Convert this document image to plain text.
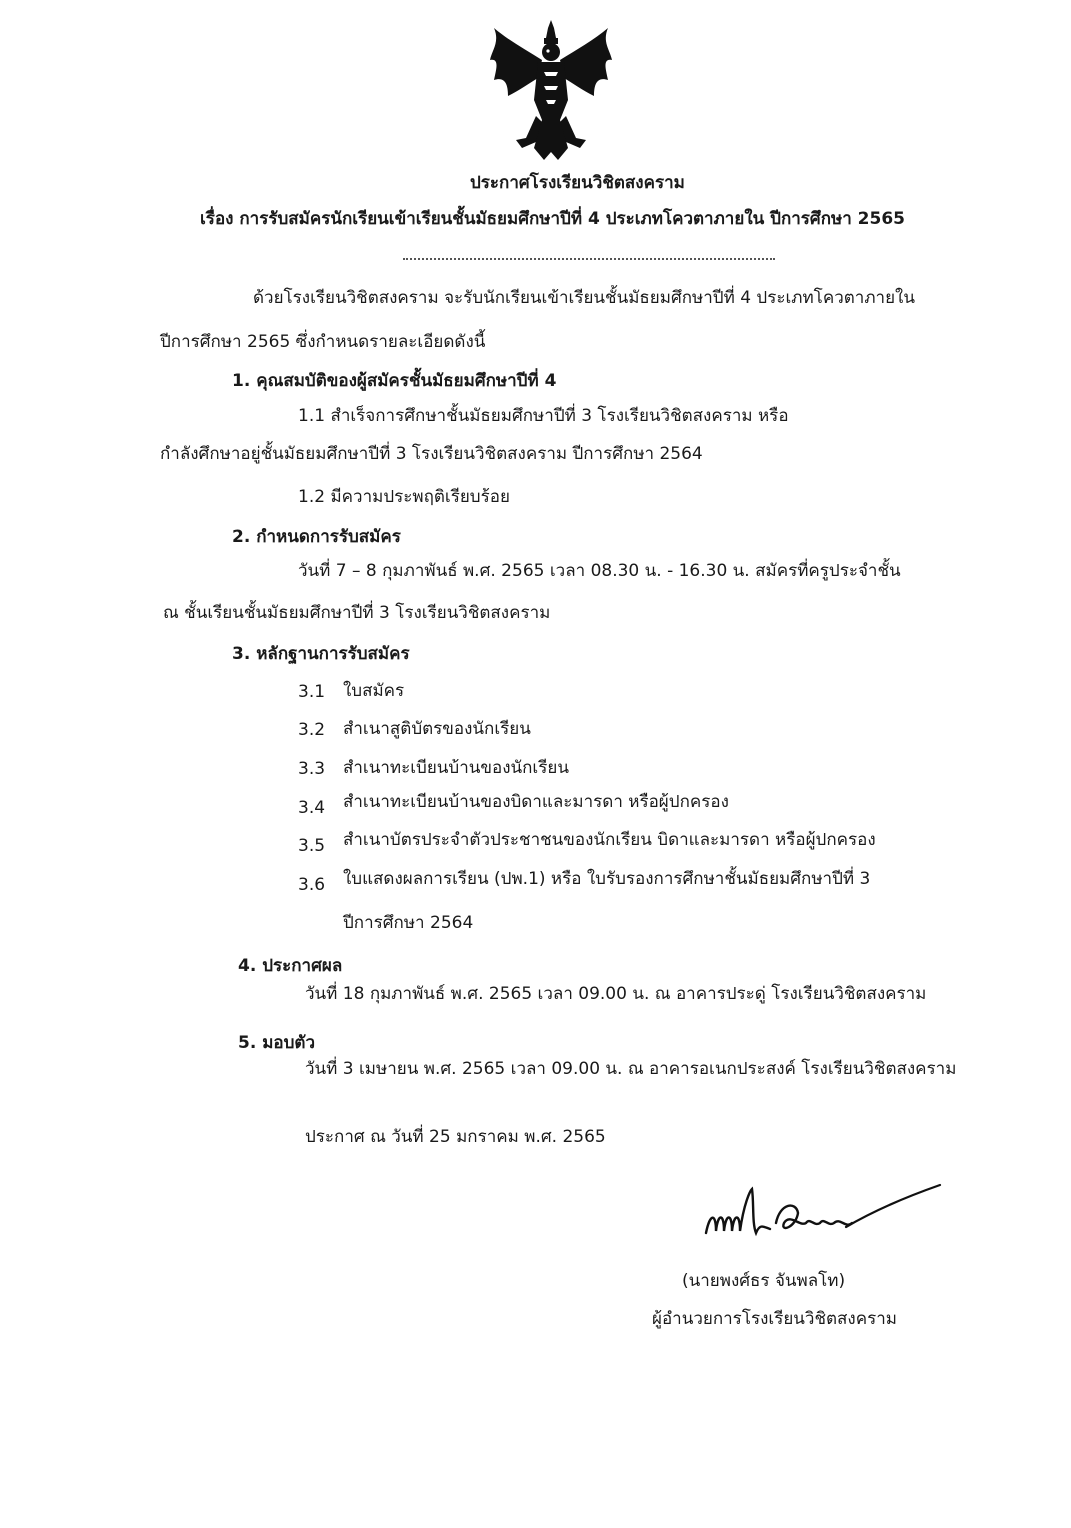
ประกาศโรงเรียนวิชิตสงคราม
เรื่อง การรับสมัครนักเรียนเข้าเรียนชั้นมัธยมศึกษาปีที่ 4 ประเภทโควตาภายใน ปีการศึกษา 2565
ด้วยโรงเรียนวิชิตสงคราม จะรับนักเรียนเข้าเรียนชั้นมัธยมศึกษาปีที่ 4 ประเภทโควตาภายใน
ปีการศึกษา 2565 ซึ่งกำหนดรายละเอียดดังนี้
1. คุณสมบัติของผู้สมัครชั้นมัธยมศึกษาปีที่ 4
1.1 สำเร็จการศึกษาชั้นมัธยมศึกษาปีที่ 3 โรงเรียนวิชิตสงคราม หรือ
กำลังศึกษาอยู่ชั้นมัธยมศึกษาปีที่ 3 โรงเรียนวิชิตสงคราม ปีการศึกษา 2564
1.2 มีความประพฤติเรียบร้อย
2. กำหนดการรับสมัคร
วันที่ 7 – 8 กุมภาพันธ์ พ.ศ. 2565 เวลา 08.30 น. - 16.30 น. สมัครที่ครูประจำชั้น
ณ ชั้นเรียนชั้นมัธยมศึกษาปีที่ 3 โรงเรียนวิชิตสงคราม
3. หลักฐานการรับสมัคร
3.1 ใบสมัคร
3.2 สำเนาสูติบัตรของนักเรียน
3.3 สำเนาทะเบียนบ้านของนักเรียน
3.4 สำเนาทะเบียนบ้านของบิดาและมารดา หรือผู้ปกครอง
3.5 สำเนาบัตรประจำตัวประชาชนของนักเรียน บิดาและมารดา หรือผู้ปกครอง
3.6 ใบแสดงผลการเรียน (ปพ.1) หรือ ใบรับรองการศึกษาชั้นมัธยมศึกษาปีที่ 3
ปีการศึกษา 2564
4. ประกาศผล
วันที่ 18 กุมภาพันธ์ พ.ศ. 2565 เวลา 09.00 น. ณ อาคารประดู่ โรงเรียนวิชิตสงคราม
5. มอบตัว
วันที่ 3 เมษายน พ.ศ. 2565 เวลา 09.00 น. ณ อาคารอเนกประสงค์ โรงเรียนวิชิตสงคราม
ประกาศ ณ วันที่ 25 มกราคม พ.ศ. 2565
(นายพงศ์ธร จันพลโท)
ผู้อำนวยการโรงเรียนวิชิตสงคราม
